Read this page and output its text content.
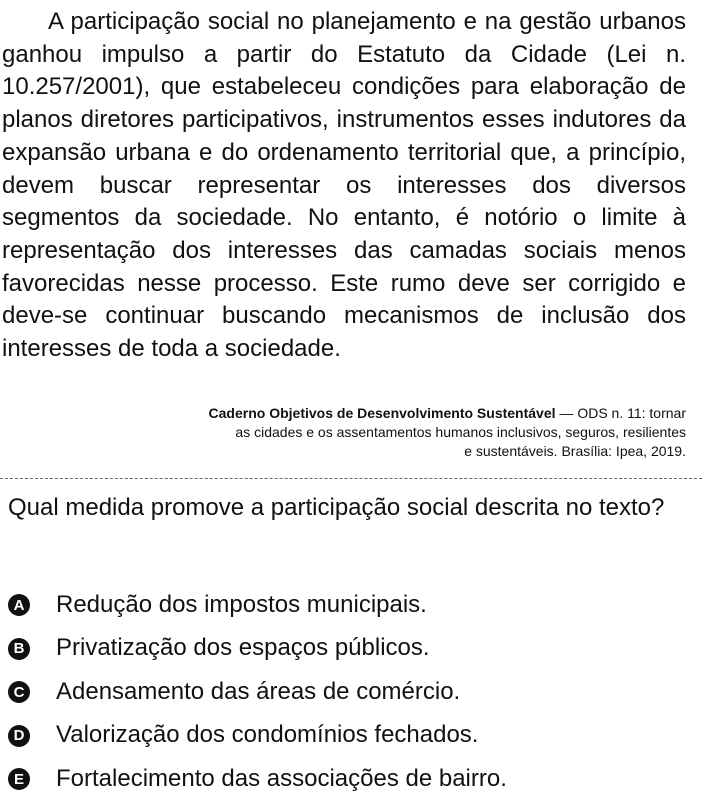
A participação social no planejamento e na gestão urbanos ganhou impulso a partir do Estatuto da Cidade (Lei n. 10.257/2001), que estabeleceu condições para elaboração de planos diretores participativos, instrumentos esses indutores da expansão urbana e do ordenamento territorial que, a princípio, devem buscar representar os interesses dos diversos segmentos da sociedade. No entanto, é notório o limite à representação dos interesses das camadas sociais menos favorecidas nesse processo. Este rumo deve ser corrigido e deve-se continuar buscando mecanismos de inclusão dos interesses de toda a sociedade.

Caderno Objetivos de Desenvolvimento Sustentável — ODS n. 11: tornar
as cidades e os assentamentos humanos inclusivos, seguros, resilientes
e sustentáveis. Brasília: Ipea, 2019.

Qual medida promove a participação social descrita no texto?

A Redução dos impostos municipais.
B Privatização dos espaços públicos.
C Adensamento das áreas de comércio.
D Valorização dos condomínios fechados.
E Fortalecimento das associações de bairro.
